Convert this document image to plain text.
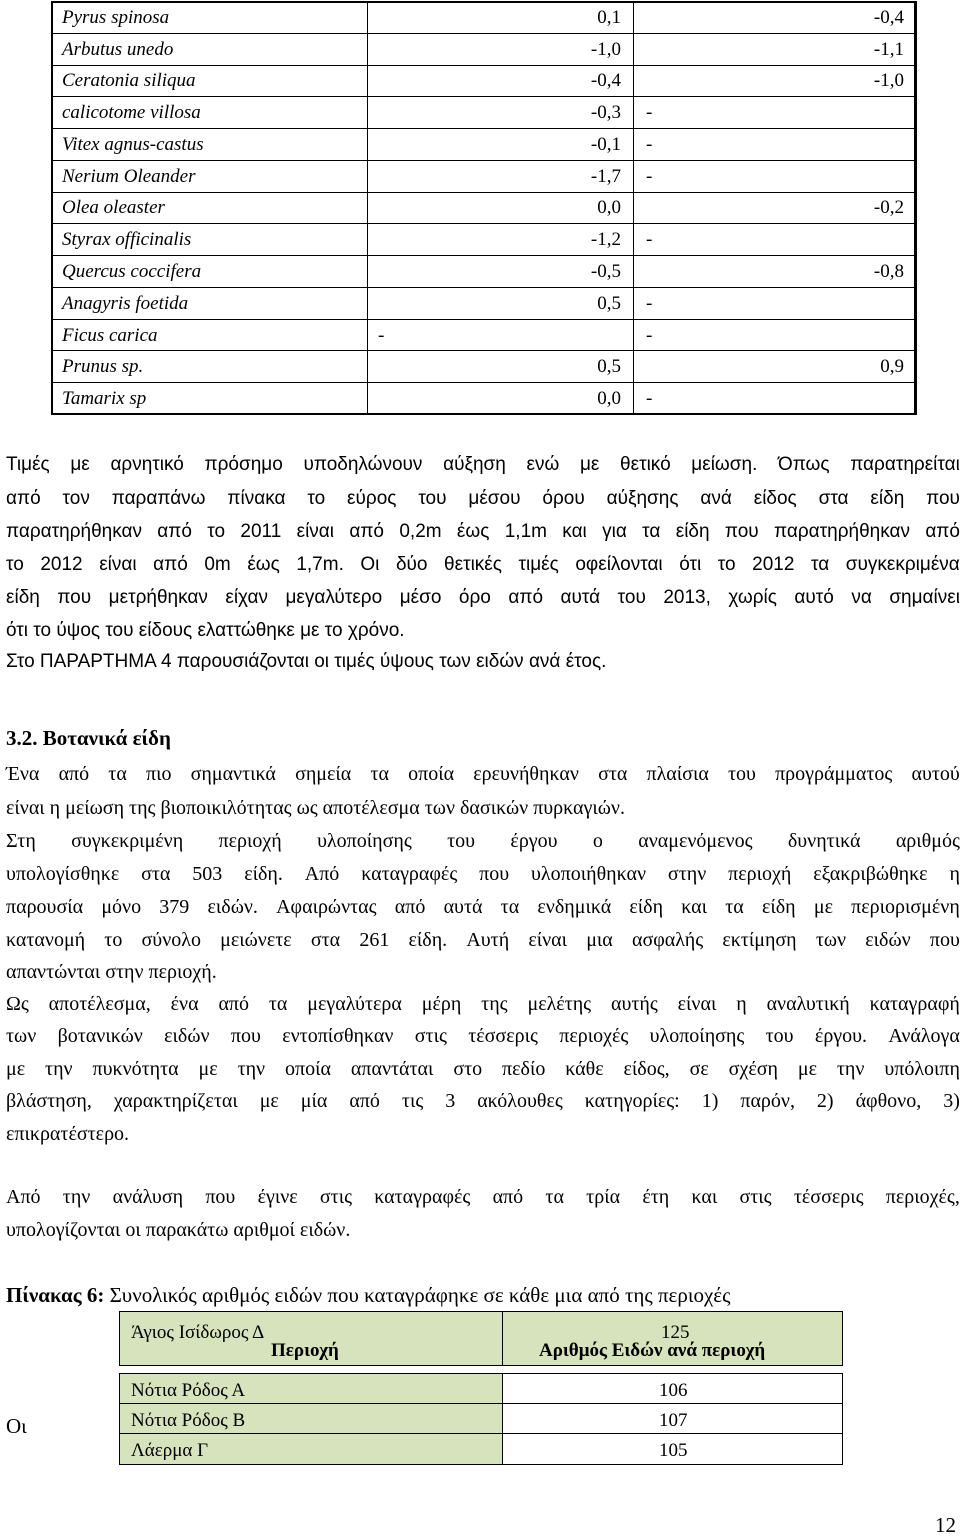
Pyrus spinosa	0,1	-0,4
Arbutus unedo	-1,0	-1,1
Ceratonia siliqua	-0,4	-1,0
calicotome villosa	-0,3	-
Vitex agnus-castus	-0,1	-
Nerium Oleander	-1,7	-
Olea oleaster	0,0	-0,2
Styrax officinalis	-1,2	-
Quercus coccifera	-0,5	-0,8
Anagyris foetida	0,5	-
Ficus carica	-	-
Prunus sp.	0,5	0,9
Tamarix sp	0,0	-
Τιμές με αρνητικό πρόσημο υποδηλώνουν αύξηση ενώ με θετικό μείωση. Όπως παρατηρείται
από τον παραπάνω πίνακα το εύρος του μέσου όρου αύξησης ανά είδος στα είδη που
παρατηρήθηκαν από το 2011 είναι από 0,2m έως 1,1m και για τα είδη που παρατηρήθηκαν από
το 2012 είναι από 0m έως 1,7m. Οι δύο θετικές τιμές οφείλονται ότι το 2012 τα συγκεκριμένα
είδη που μετρήθηκαν είχαν μεγαλύτερο μέσο όρο από αυτά του 2013, χωρίς αυτό να σημαίνει
ότι το ύψος του είδους ελαττώθηκε με το χρόνο.
Στο ΠΑΡΑΡΤΗΜΑ 4 παρουσιάζονται οι τιμές ύψους των ειδών ανά έτος.
3.2. Βοτανικά είδη
Ένα από τα πιο σημαντικά σημεία τα οποία ερευνήθηκαν στα πλαίσια του προγράμματος αυτού
είναι η μείωση της βιοποικιλότητας ως αποτέλεσμα των δασικών πυρκαγιών.
Στη συγκεκριμένη περιοχή υλοποίησης του έργου ο αναμενόμενος δυνητικά αριθμός
υπολογίσθηκε στα 503 είδη. Από καταγραφές που υλοποιήθηκαν στην περιοχή εξακριβώθηκε η
παρουσία μόνο 379 ειδών. Αφαιρώντας από αυτά τα ενδημικά είδη και τα είδη με περιορισμένη
κατανομή το σύνολο μειώνετε στα 261 είδη. Αυτή είναι μια ασφαλής εκτίμηση των ειδών που
απαντώνται στην περιοχή.
Ως αποτέλεσμα, ένα από τα μεγαλύτερα μέρη της μελέτης αυτής είναι η αναλυτική καταγραφή
των βοτανικών ειδών που εντοπίσθηκαν στις τέσσερις περιοχές υλοποίησης του έργου. Ανάλογα
με την πυκνότητα με την οποία απαντάται στο πεδίο κάθε είδος, σε σχέση με την υπόλοιπη
βλάστηση, χαρακτηρίζεται με μία από τις 3 ακόλουθες κατηγορίες: 1) παρόν, 2) άφθονο, 3)
επικρατέστερο.
Από την ανάλυση που έγινε στις καταγραφές από τα τρία έτη και στις τέσσερις περιοχές,
υπολογίζονται οι παρακάτω αριθμοί ειδών.
Πίνακας 6: Συνολικός αριθμός ειδών που καταγράφηκε σε κάθε μια από της περιοχές
Περιοχή	Αριθμός Ειδών ανά περιοχή
Άγιος Ισίδωρος Δ	125
Νότια Ρόδος Α	106
Νότια Ρόδος Β	107
Λάερμα Γ	105
Οι
12
